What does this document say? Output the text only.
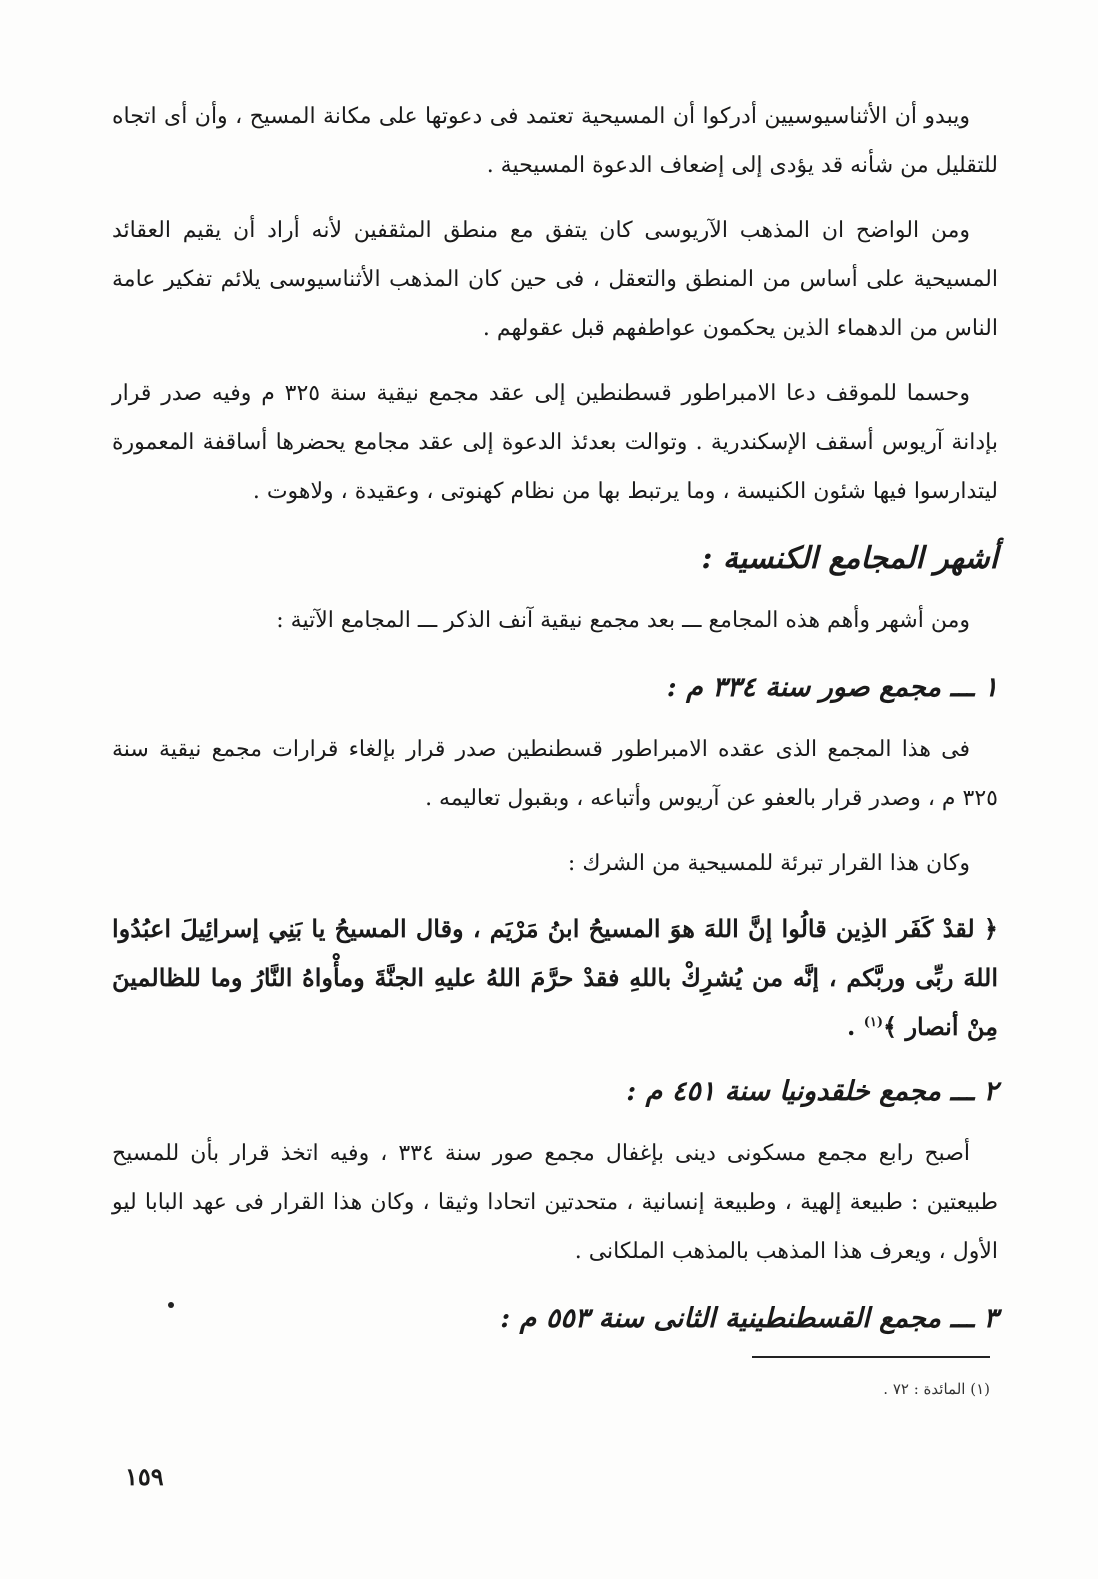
ويبدو أن الأثناسيوسيين أدركوا أن المسيحية تعتمد فى دعوتها على مكانة المسيح ، وأن أى اتجاه للتقليل من شأنه قد يؤدى إلى إضعاف الدعوة المسيحية .

ومن الواضح ان المذهب الآريوسى كان يتفق مع منطق المثقفين لأنه أراد أن يقيم العقائد المسيحية على أساس من المنطق والتعقل ، فى حين كان المذهب الأثناسيوسى يلائم تفكير عامة الناس من الدهماء الذين يحكمون عواطفهم قبل عقولهم .

وحسما للموقف دعا الامبراطور قسطنطين إلى عقد مجمع نيقية سنة ٣٢٥ م وفيه صدر قرار بإدانة آريوس أسقف الإسكندرية . وتوالت بعدئذ الدعوة إلى عقد مجامع يحضرها أساقفة المعمورة ليتدارسوا فيها شئون الكنيسة ، وما يرتبط بها من نظام كهنوتى ، وعقيدة ، ولاهوت .

أشهر المجامع الكنسية :

ومن أشهر وأهم هذه المجامع ـــ بعد مجمع نيقية آنف الذكر ـــ المجامع الآتية :

١ ـــ مجمع صور سنة ٣٣٤ م :

فى هذا المجمع الذى عقده الامبراطور قسطنطين صدر قرار بإلغاء قرارات مجمع نيقية سنة ٣٢٥ م ، وصدر قرار بالعفو عن آريوس وأتباعه ، وبقبول تعاليمه .

وكان هذا القرار تبرئة للمسيحية من الشرك :

﴿ لقدْ كَفَر الذِين قالُوا إنَّ اللهَ هوَ المسيحُ ابنُ مَرْيَم ، وقال المسيحُ يا بَنِي إسرائِيلَ اعبُدُوا اللهَ ربِّى وربَّكم ، إنَّه من يُشرِكْ باللهِ فقدْ حرَّمَ اللهُ عليهِ الجنَّةَ ومأْواهُ النَّارُ وما للظالمينَ مِنْ أنصار ﴾$^{(١)}$ .
٢ ـــ مجمع خلقدونيا سنة ٤٥١ م :

أصبح رابع مجمع مسكونى دينى بإغفال مجمع صور سنة ٣٣٤ ، وفيه اتخذ قرار بأن للمسيح طبيعتين : طبيعة إلهية ، وطبيعة إنسانية ، متحدتين اتحادا وثيقا ، وكان هذا القرار فى عهد البابا ليو الأول ، ويعرف هذا المذهب بالمذهب الملكانى .

٣ ـــ مجمع القسطنطينية الثانى سنة ٥٥٣ م :
(١) المائدة : ٧٢ .
١٥٩
